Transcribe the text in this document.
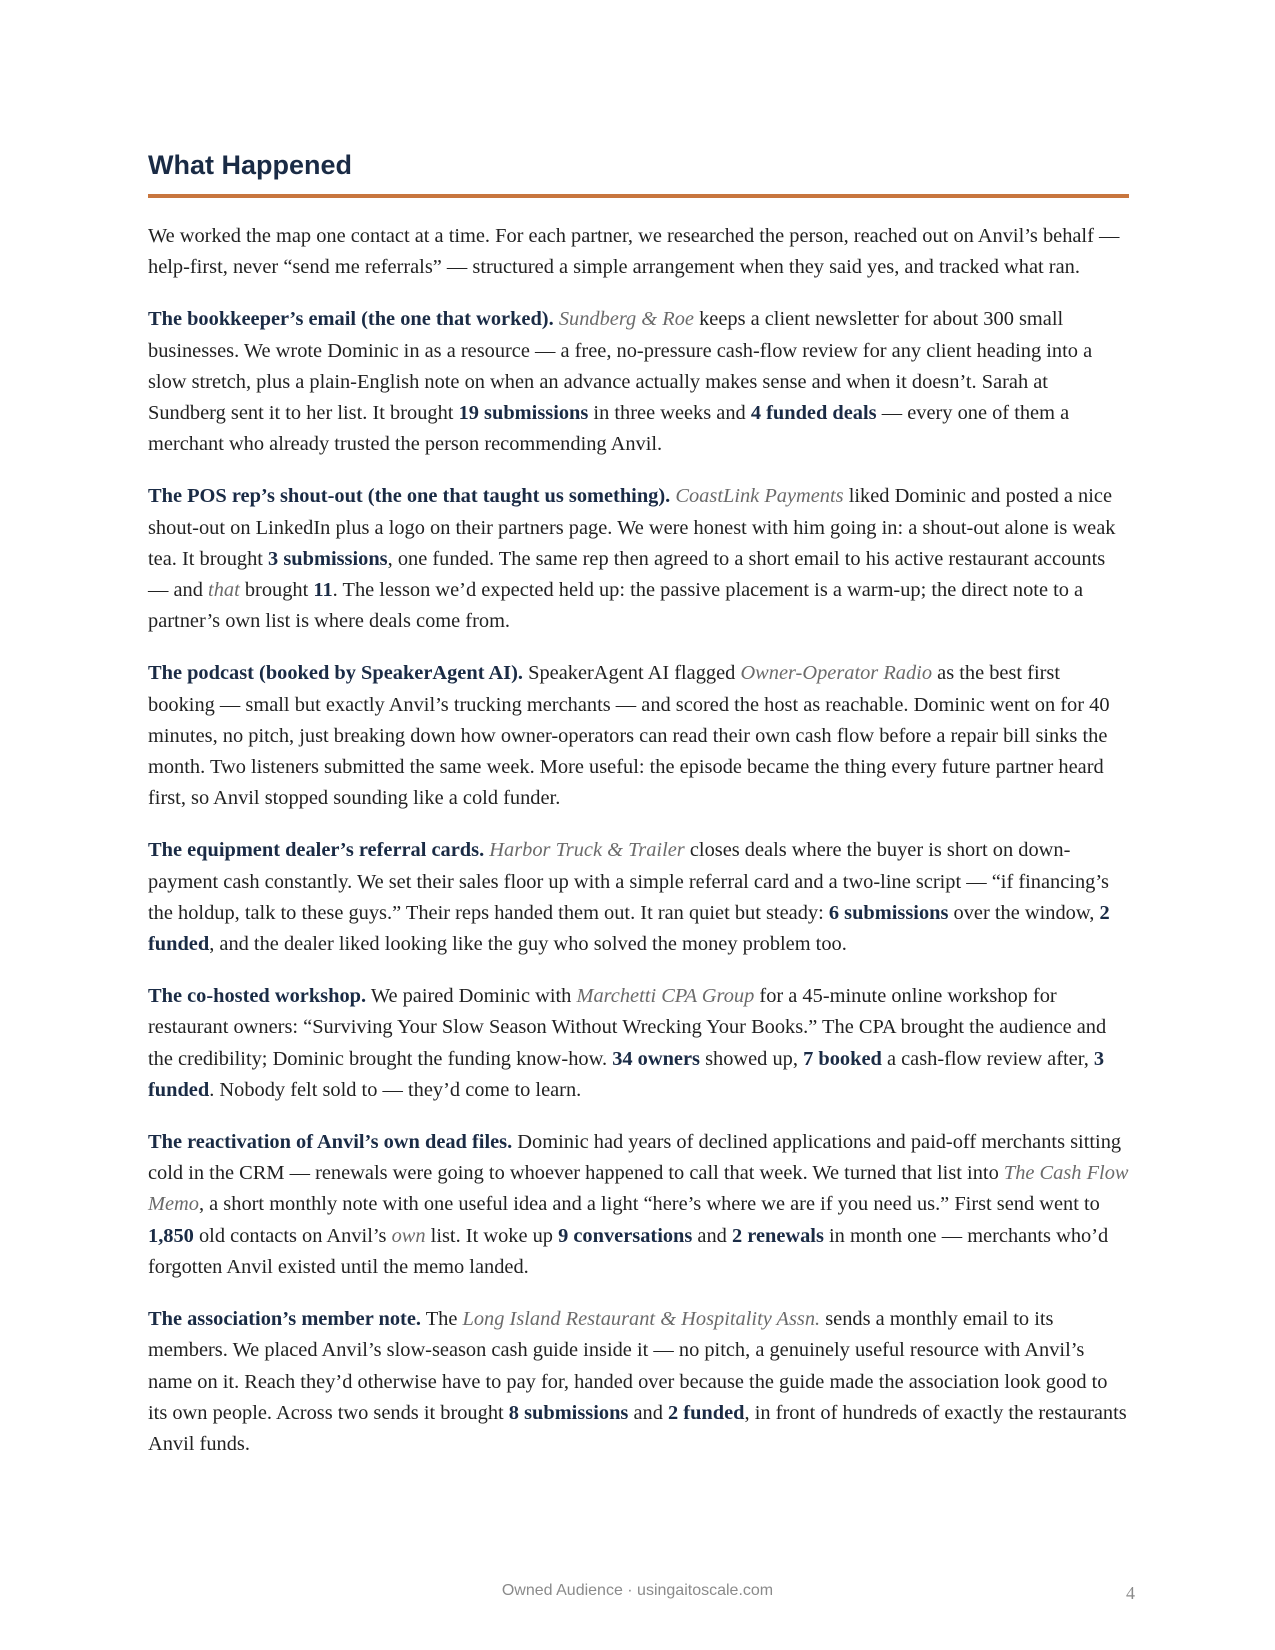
What Happened

We worked the map one contact at a time. For each partner, we researched the person, reached out on Anvil’s behalf — help-first, never “send me referrals” — structured a simple arrangement when they said yes, and tracked what ran.

The bookkeeper’s email (the one that worked). Sundberg & Roe keeps a client newsletter for about 300 small businesses. We wrote Dominic in as a resource — a free, no-pressure cash-flow review for any client heading into a slow stretch, plus a plain-English note on when an advance actually makes sense and when it doesn’t. Sarah at Sundberg sent it to her list. It brought 19 submissions in three weeks and 4 funded deals — every one of them a merchant who already trusted the person recommending Anvil.

The POS rep’s shout-out (the one that taught us something). CoastLink Payments liked Dominic and posted a nice shout-out on LinkedIn plus a logo on their partners page. We were honest with him going in: a shout-out alone is weak tea. It brought 3 submissions, one funded. The same rep then agreed to a short email to his active restaurant accounts — and that brought 11. The lesson we’d expected held up: the passive placement is a warm-up; the direct note to a partner’s own list is where deals come from.

The podcast (booked by SpeakerAgent AI). SpeakerAgent AI flagged Owner-Operator Radio as the best first booking — small but exactly Anvil’s trucking merchants — and scored the host as reachable. Dominic went on for 40 minutes, no pitch, just breaking down how owner-operators can read their own cash flow before a repair bill sinks the month. Two listeners submitted the same week. More useful: the episode became the thing every future partner heard first, so Anvil stopped sounding like a cold funder.

The equipment dealer’s referral cards. Harbor Truck & Trailer closes deals where the buyer is short on down-payment cash constantly. We set their sales floor up with a simple referral card and a two-line script — “if financing’s the holdup, talk to these guys.” Their reps handed them out. It ran quiet but steady: 6 submissions over the window, 2 funded, and the dealer liked looking like the guy who solved the money problem too.

The co-hosted workshop. We paired Dominic with Marchetti CPA Group for a 45-minute online workshop for restaurant owners: “Surviving Your Slow Season Without Wrecking Your Books.” The CPA brought the audience and the credibility; Dominic brought the funding know-how. 34 owners showed up, 7 booked a cash-flow review after, 3 funded. Nobody felt sold to — they’d come to learn.

The reactivation of Anvil’s own dead files. Dominic had years of declined applications and paid-off merchants sitting cold in the CRM — renewals were going to whoever happened to call that week. We turned that list into The Cash Flow Memo, a short monthly note with one useful idea and a light “here’s where we are if you need us.” First send went to 1,850 old contacts on Anvil’s own list. It woke up 9 conversations and 2 renewals in month one — merchants who’d forgotten Anvil existed until the memo landed.

The association’s member note. The Long Island Restaurant & Hospitality Assn. sends a monthly email to its members. We placed Anvil’s slow-season cash guide inside it — no pitch, a genuinely useful resource with Anvil’s name on it. Reach they’d otherwise have to pay for, handed over because the guide made the association look good to its own people. Across two sends it brought 8 submissions and 2 funded, in front of hundreds of exactly the restaurants Anvil funds.

Owned Audience · usingaitoscale.com	4
